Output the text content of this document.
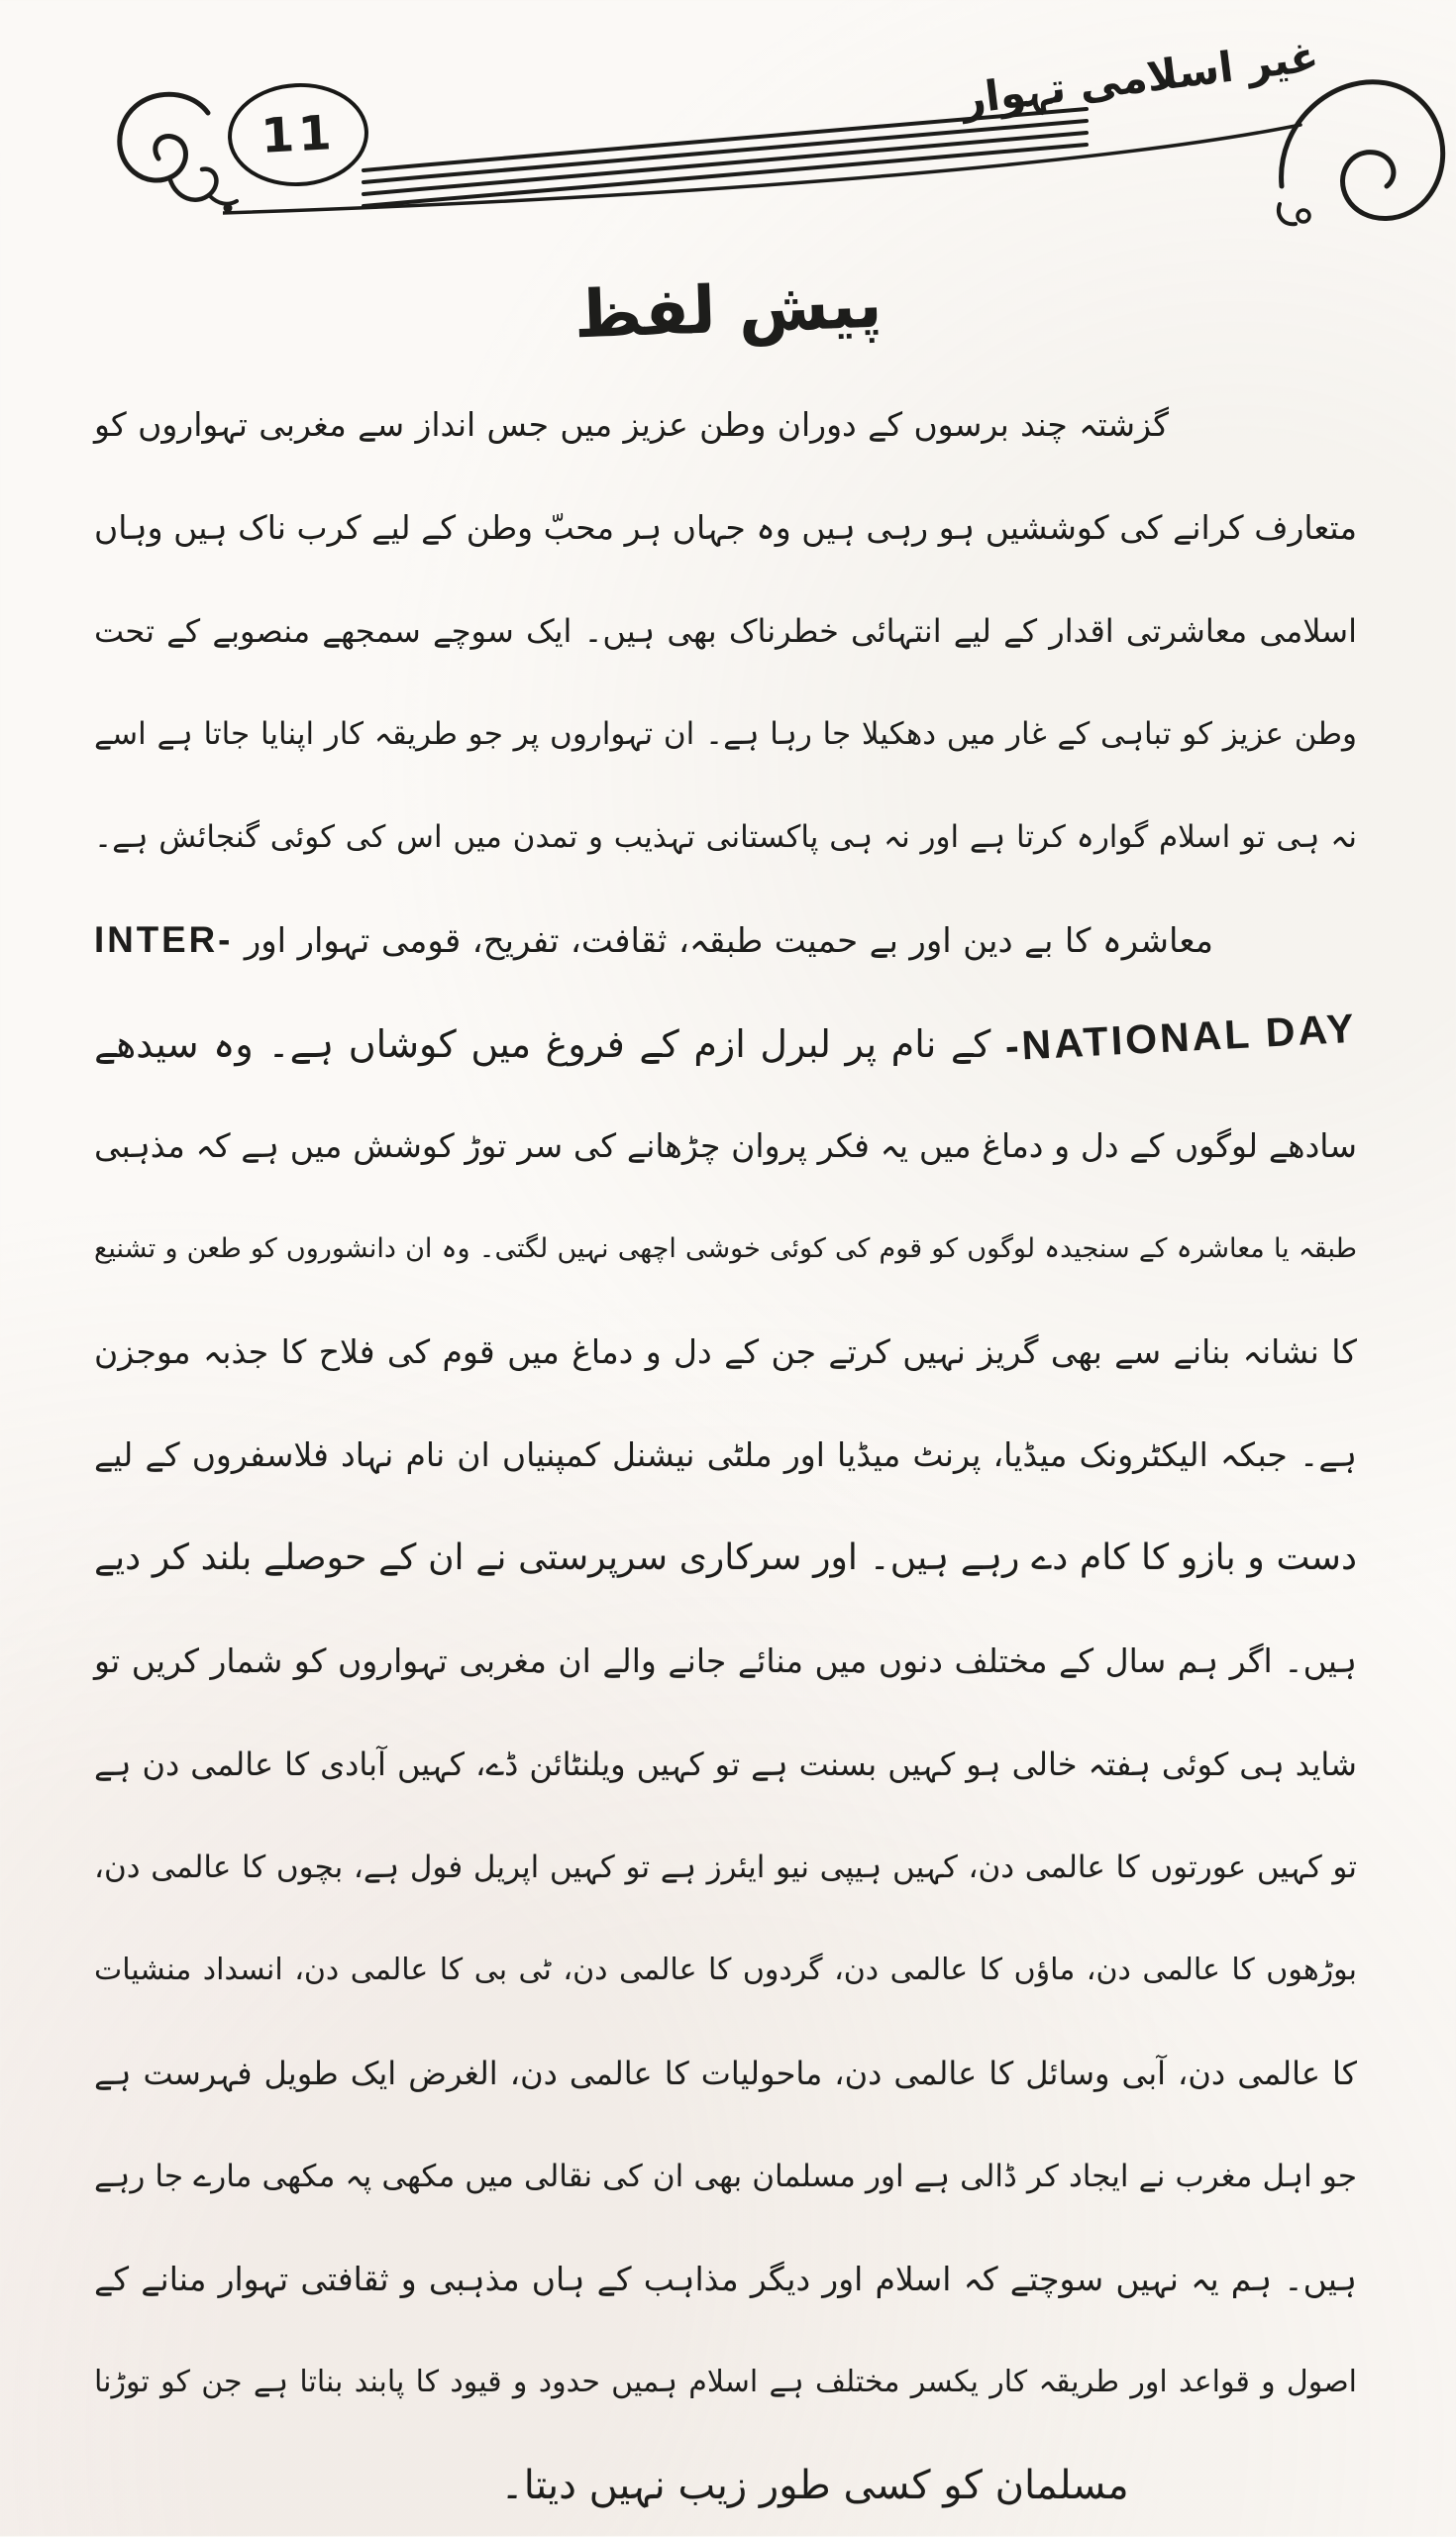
11
غیر اسلامی تہوار
پیش لفظ
گزشتہ چند برسوں کے دوران وطن عزیز میں جس انداز سے مغربی تہواروں کو
متعارف کرانے کی کوششیں ہو رہی ہیں وہ جہاں ہر محبّ وطن کے لیے کرب ناک ہیں وہاں
اسلامی معاشرتی اقدار کے لیے انتہائی خطرناک بھی ہیں۔ ایک سوچے سمجھے منصوبے کے تحت
وطن عزیز کو تباہی کے غار میں دھکیلا جا رہا ہے۔ ان تہواروں پر جو طریقہ کار اپنایا جاتا ہے اسے
نہ ہی تو اسلام گوارہ کرتا ہے اور نہ ہی پاکستانی تہذیب و تمدن میں اس کی کوئی گنجائش ہے۔
معاشرہ کا بے دین اور بے حمیت طبقہ، ثقافت، تفریح، قومی تہوار اور INTER-
-NATIONAL DAY کے نام پر لبرل ازم کے فروغ میں کوشاں ہے۔ وہ سیدھے
سادھے لوگوں کے دل و دماغ میں یہ فکر پروان چڑھانے کی سر توڑ کوشش میں ہے کہ مذہبی
طبقہ یا معاشرہ کے سنجیدہ لوگوں کو قوم کی کوئی خوشی اچھی نہیں لگتی۔ وہ ان دانشوروں کو طعن و تشنیع
کا نشانہ بنانے سے بھی گریز نہیں کرتے جن کے دل و دماغ میں قوم کی فلاح کا جذبہ موجزن
ہے۔ جبکہ الیکٹرونک میڈیا، پرنٹ میڈیا اور ملٹی نیشنل کمپنیاں ان نام نہاد فلاسفروں کے لیے
دست و بازو کا کام دے رہے ہیں۔ اور سرکاری سرپرستی نے ان کے حوصلے بلند کر دیے
ہیں۔ اگر ہم سال کے مختلف دنوں میں منائے جانے والے ان مغربی تہواروں کو شمار کریں تو
شاید ہی کوئی ہفتہ خالی ہو کہیں بسنت ہے تو کہیں ویلنٹائن ڈے، کہیں آبادی کا عالمی دن ہے
تو کہیں عورتوں کا عالمی دن، کہیں ہیپی نیو ایئرز ہے تو کہیں اپریل فول ہے، بچوں کا عالمی دن،
بوڑھوں کا عالمی دن، ماؤں کا عالمی دن، گردوں کا عالمی دن، ٹی بی کا عالمی دن، انسداد منشیات
کا عالمی دن، آبی وسائل کا عالمی دن، ماحولیات کا عالمی دن، الغرض ایک طویل فہرست ہے
جو اہل مغرب نے ایجاد کر ڈالی ہے اور مسلمان بھی ان کی نقالی میں مکھی پہ مکھی مارے جا رہے
ہیں۔ ہم یہ نہیں سوچتے کہ اسلام اور دیگر مذاہب کے ہاں مذہبی و ثقافتی تہوار منانے کے
اصول و قواعد اور طریقہ کار یکسر مختلف ہے اسلام ہمیں حدود و قیود کا پابند بناتا ہے جن کو توڑنا
مسلمان کو کسی طور زیب نہیں دیتا۔
